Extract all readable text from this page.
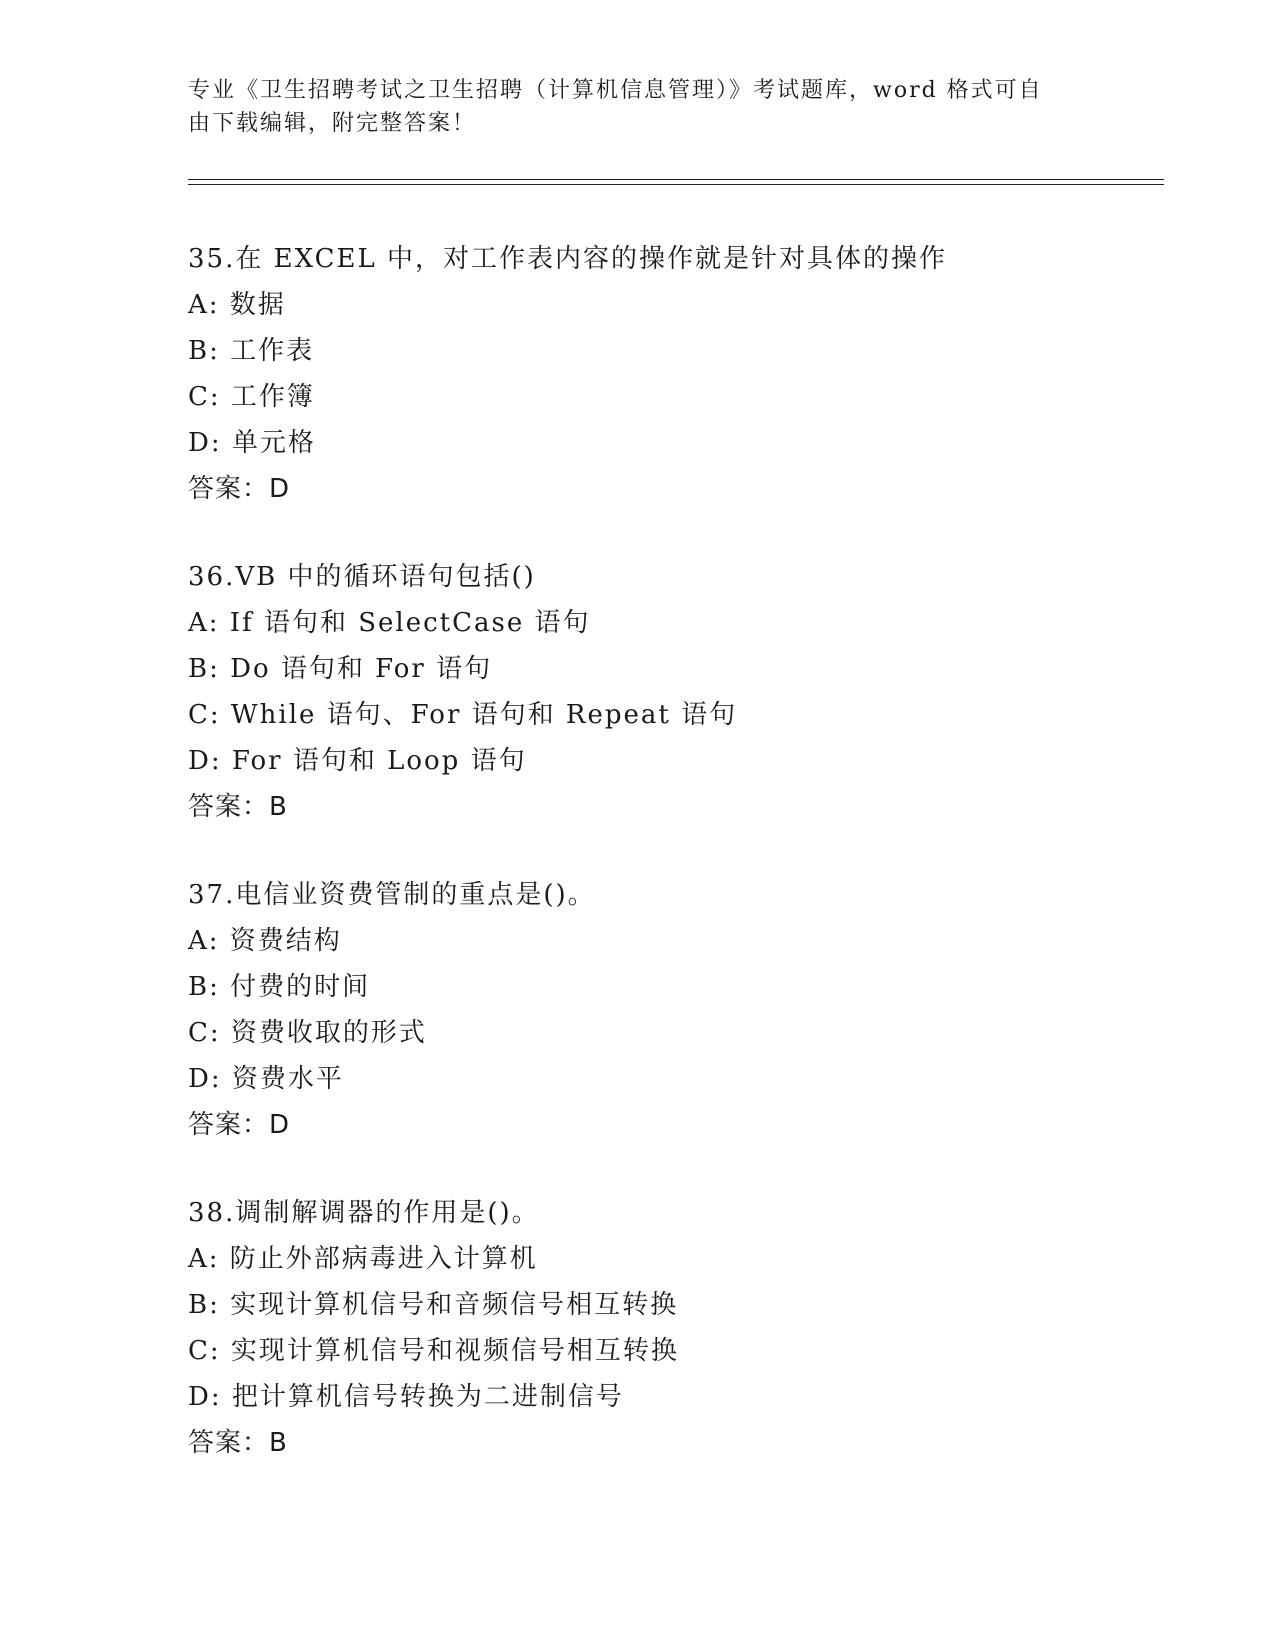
专业《卫生招聘考试之卫生招聘（计算机信息管理）》考试题库，word 格式可自
由下载编辑，附完整答案！
35.在 EXCEL 中，对工作表内容的操作就是针对具体的操作
A: 数据
B: 工作表
C: 工作簿
D: 单元格
答案：D
36.VB 中的循环语句包括()
A: If 语句和 SelectCase 语句
B: Do 语句和 For 语句
C: While 语句、For 语句和 Repeat 语句
D: For 语句和 Loop 语句
答案：B
37.电信业资费管制的重点是()。
A: 资费结构
B: 付费的时间
C: 资费收取的形式
D: 资费水平
答案：D
38.调制解调器的作用是()。
A: 防止外部病毒进入计算机
B: 实现计算机信号和音频信号相互转换
C: 实现计算机信号和视频信号相互转换
D: 把计算机信号转换为二进制信号
答案：B
